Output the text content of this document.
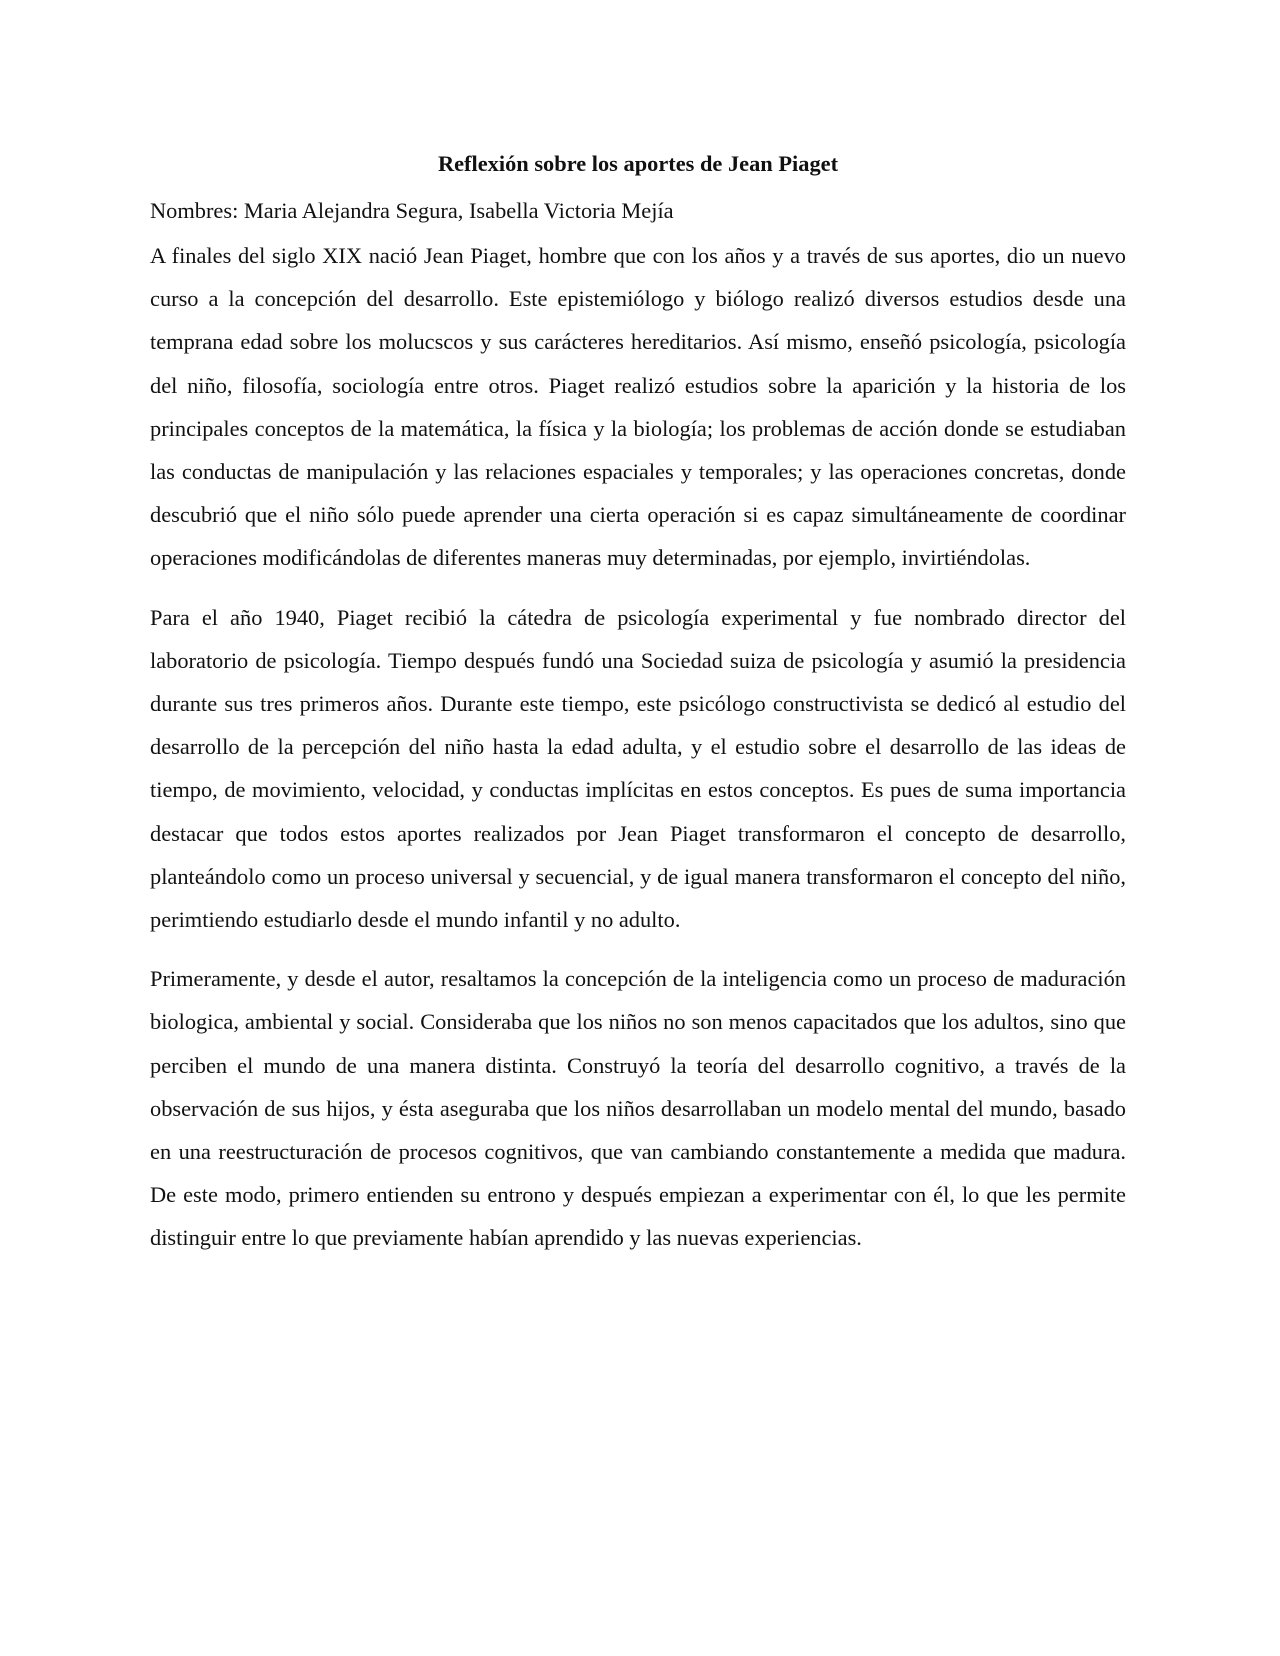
Reflexión sobre los aportes de Jean Piaget

Nombres: Maria Alejandra Segura, Isabella Victoria Mejía

A finales del siglo XIX nació Jean Piaget, hombre que con los años y a través de sus aportes, dio un nuevo curso a la concepción del desarrollo. Este epistemiólogo y biólogo realizó diversos estudios desde una temprana edad sobre los molucscos y sus carácteres hereditarios. Así mismo, enseñó psicología, psicología del niño, filosofía, sociología entre otros. Piaget realizó estudios sobre la aparición y la historia de los principales conceptos de la matemática, la física y la biología; los problemas de acción donde se estudiaban las conductas de manipulación y las relaciones espaciales y temporales; y las operaciones concretas, donde descubrió que el niño sólo puede aprender una cierta operación si es capaz simultáneamente de coordinar operaciones modificándolas de diferentes maneras muy determinadas, por ejemplo, invirtiéndolas.

Para el año 1940, Piaget recibió la cátedra de psicología experimental y fue nombrado director del laboratorio de psicología. Tiempo después fundó una Sociedad suiza de psicología y asumió la presidencia durante sus tres primeros años. Durante este tiempo, este psicólogo constructivista se dedicó al estudio del desarrollo de la percepción del niño hasta la edad adulta, y el estudio sobre el desarrollo de las ideas de tiempo, de movimiento, velocidad, y conductas implícitas en estos conceptos. Es pues de suma importancia destacar que todos estos aportes realizados por Jean Piaget transformaron el concepto de desarrollo, planteándolo como un proceso universal y secuencial, y de igual manera transformaron el concepto del niño, perimtiendo estudiarlo desde el mundo infantil y no adulto.

Primeramente, y desde el autor, resaltamos la concepción de la inteligencia como un proceso de maduración biologica, ambiental y social. Consideraba que los niños no son menos capacitados que los adultos, sino que perciben el mundo de una manera distinta. Construyó la teoría del desarrollo cognitivo, a través de la observación de sus hijos, y ésta aseguraba que los niños desarrollaban un modelo mental del mundo, basado en una reestructuración de procesos cognitivos, que van cambiando constantemente a medida que madura. De este modo, primero entienden su entrono y después empiezan a experimentar con él, lo que les permite distinguir entre lo que previamente habían aprendido y las nuevas experiencias.
